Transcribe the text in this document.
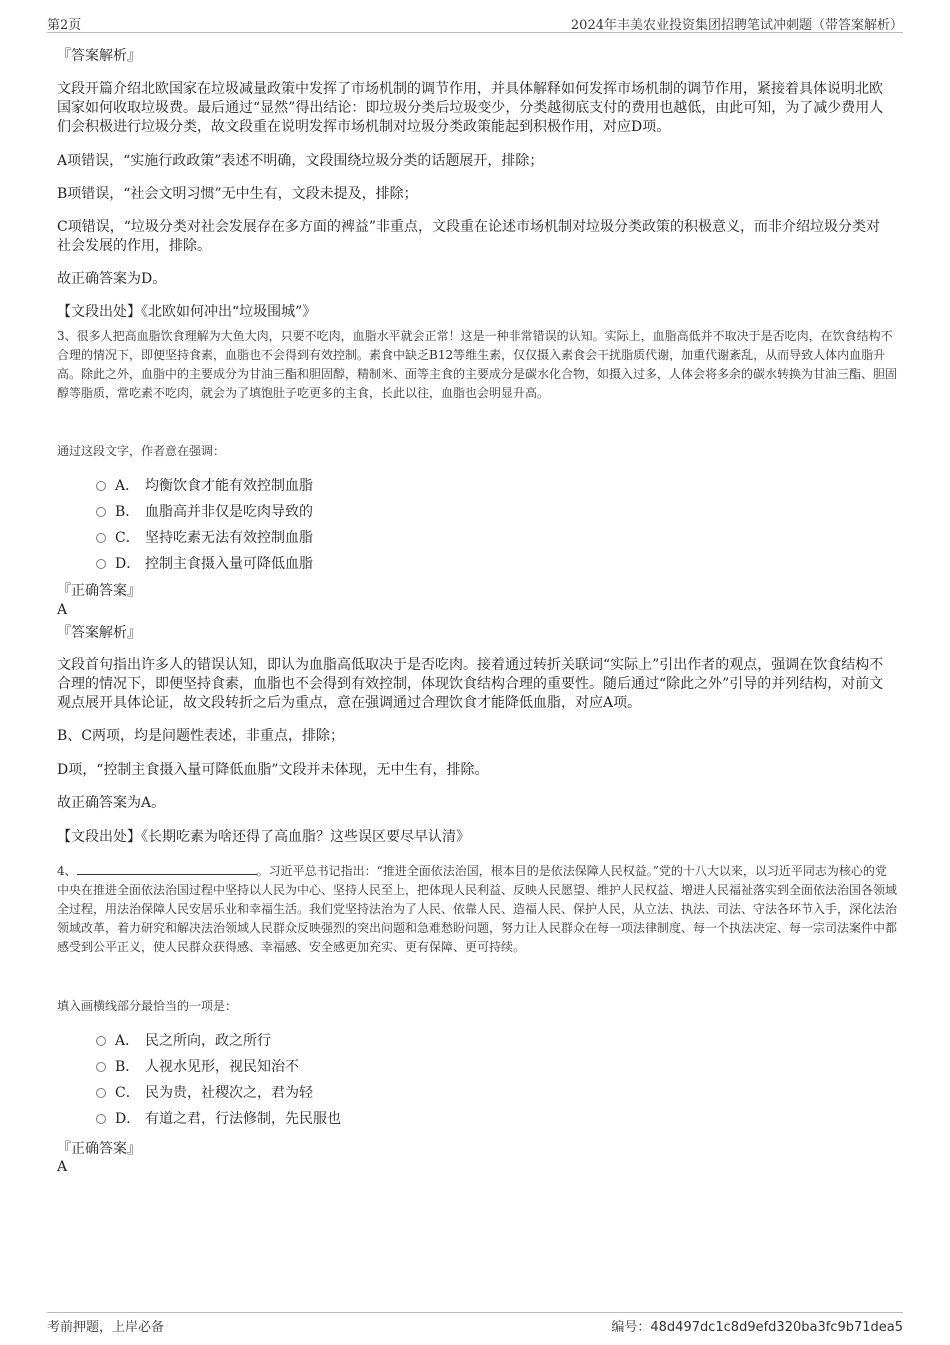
第2页	2024年丰美农业投资集团招聘笔试冲刺题（带答案解析）

『答案解析』

文段开篇介绍北欧国家在垃圾减量政策中发挥了市场机制的调节作用，并具体解释如何发挥市场机制的调节作用，紧接着具体说明北欧国家如何收取垃圾费。最后通过“显然”得出结论：即垃圾分类后垃圾变少，分类越彻底支付的费用也越低，由此可知，为了减少费用人们会积极进行垃圾分类，故文段重在说明发挥市场机制对垃圾分类政策能起到积极作用，对应D项。

A项错误，“实施行政政策”表述不明确，文段围绕垃圾分类的话题展开，排除；

B项错误，“社会文明习惯”无中生有，文段未提及，排除；

C项错误，“垃圾分类对社会发展存在多方面的裨益”非重点，文段重在论述市场机制对垃圾分类政策的积极意义，而非介绍垃圾分类对社会发展的作用，排除。

故正确答案为D。

【文段出处】《北欧如何冲出“垃圾围城”》

3、很多人把高血脂饮食理解为大鱼大肉，只要不吃肉，血脂水平就会正常！这是一种非常错误的认知。实际上，血脂高低并不取决于是否吃肉，在饮食结构不合理的情况下，即便坚持食素，血脂也不会得到有效控制。素食中缺乏B12等维生素，仅仅摄入素食会干扰脂质代谢，加重代谢紊乱，从而导致人体内血脂升高。除此之外，血脂中的主要成分为甘油三酯和胆固醇，精制米、面等主食的主要成分是碳水化合物，如摄入过多，人体会将多余的碳水转换为甘油三酯、胆固醇等脂质，常吃素不吃肉，就会为了填饱肚子吃更多的主食，长此以往，血脂也会明显升高。

通过这段文字，作者意在强调：

A． 均衡饮食才能有效控制血脂
B． 血脂高并非仅是吃肉导致的
C． 坚持吃素无法有效控制血脂
D． 控制主食摄入量可降低血脂

『正确答案』

A

『答案解析』

文段首句指出许多人的错误认知，即认为血脂高低取决于是否吃肉。接着通过转折关联词“实际上”引出作者的观点，强调在饮食结构不合理的情况下，即便坚持食素，血脂也不会得到有效控制，体现饮食结构合理的重要性。随后通过“除此之外”引导的并列结构，对前文观点展开具体论证，故文段转折之后为重点，意在强调通过合理饮食才能降低血脂，对应A项。

B、C两项，均是问题性表述，非重点，排除；

D项，“控制主食摄入量可降低血脂”文段并未体现，无中生有，排除。

故正确答案为A。

【文段出处】《长期吃素为啥还得了高血脂？这些误区要尽早认清》

4、	。习近平总书记指出：“推进全面依法治国，根本目的是依法保障人民权益。”党的十八大以来，以习近平同志为核心的党中央在推进全面依法治国过程中坚持以人民为中心、坚持人民至上，把体现人民利益、反映人民愿望、维护人民权益、增进人民福祉落实到全面依法治国各领域全过程，用法治保障人民安居乐业和幸福生活。我们党坚持法治为了人民、依靠人民、造福人民、保护人民，从立法、执法、司法、守法各环节入手，深化法治领域改革，着力研究和解决法治领域人民群众反映强烈的突出问题和急难愁盼问题，努力让人民群众在每一项法律制度、每一个执法决定、每一宗司法案件中都感受到公平正义，使人民群众获得感、幸福感、安全感更加充实、更有保障、更可持续。

填入画横线部分最恰当的一项是：

A． 民之所向，政之所行
B． 人视水见形，视民知治不
C． 民为贵，社稷次之，君为轻
D． 有道之君，行法修制，先民服也

『正确答案』

A

考前押题，上岸必备	编号：48d497dc1c8d9efd320ba3fc9b71dea5
